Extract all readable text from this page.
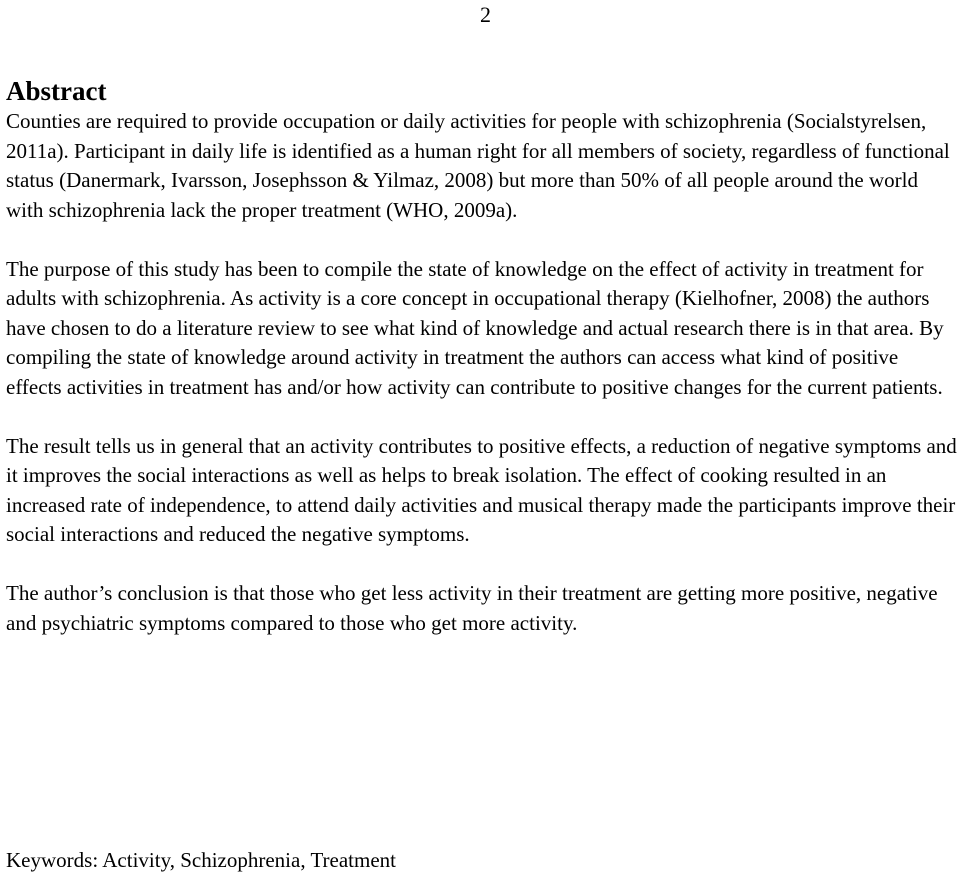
2
Abstract

Counties are required to provide occupation or daily activities for people with schizophrenia (Socialstyrelsen, 2011a). Participant in daily life is identified as a human right for all members of society, regardless of functional status (Danermark, Ivarsson, Josephsson & Yilmaz, 2008) but more than 50% of all people around the world with schizophrenia lack the proper treatment (WHO, 2009a).

The purpose of this study has been to compile the state of knowledge on the effect of activity in treatment for adults with schizophrenia. As activity is a core concept in occupational therapy (Kielhofner, 2008) the authors have chosen to do a literature review to see what kind of knowledge and actual research there is in that area. By compiling the state of knowledge around activity in treatment the authors can access what kind of positive effects activities in treatment has and/or how activity can contribute to positive changes for the current patients.

The result tells us in general that an activity contributes to positive effects, a reduction of negative symptoms and it improves the social interactions as well as helps to break isolation. The effect of cooking resulted in an increased rate of independence, to attend daily activities and musical therapy made the participants improve their social interactions and reduced the negative symptoms.

The author’s conclusion is that those who get less activity in their treatment are getting more positive, negative and psychiatric symptoms compared to those who get more activity.

Keywords: Activity, Schizophrenia, Treatment
